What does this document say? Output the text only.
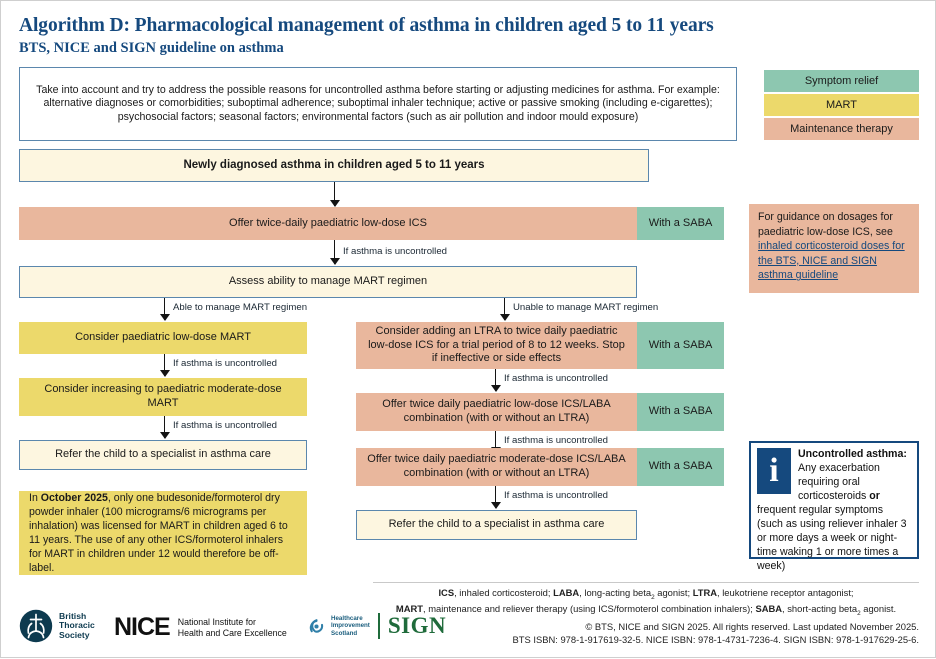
Algorithm D: Pharmacological management of asthma in children aged 5 to 11 years
BTS, NICE and SIGN guideline on asthma
Take into account and try to address the possible reasons for uncontrolled asthma before starting or adjusting medicines for asthma. For example: alternative diagnoses or comorbidities; suboptimal adherence; suboptimal inhaler technique; active or passive smoking (including e-cigarettes); psychosocial factors; seasonal factors; environmental factors (such as air pollution and indoor mould exposure)
Symptom relief
MART
Maintenance therapy
Newly diagnosed asthma in children aged 5 to 11 years
Offer twice-daily paediatric low-dose ICS	With a SABA
If asthma is uncontrolled
Assess ability to manage MART regimen
Able to manage MART regimen	Unable to manage MART regimen
Consider paediatric low-dose MART
If asthma is uncontrolled
Consider increasing to paediatric moderate-dose MART
If asthma is uncontrolled
Refer the child to a specialist in asthma care
In October 2025, only one budesonide/formoterol dry powder inhaler (100 micrograms/6 micrograms per inhalation) was licensed for MART in children aged 6 to 11 years. The use of any other ICS/formoterol inhalers for MART in children under 12 would therefore be off-label.
Consider adding an LTRA to twice daily paediatric low-dose ICS for a trial period of 8 to 12 weeks. Stop if ineffective or side effects
With a SABA
If asthma is uncontrolled
Offer twice daily paediatric low-dose ICS/LABA combination (with or without an LTRA)
With a SABA
If asthma is uncontrolled
Offer twice daily paediatric moderate-dose ICS/LABA combination (with or without an LTRA)
With a SABA
If asthma is uncontrolled
Refer the child to a specialist in asthma care
For guidance on dosages for paediatric low-dose ICS, see inhaled corticosteroid doses for the BTS, NICE and SIGN asthma guideline
i	Uncontrolled asthma: Any exacerbation requiring oral corticosteroids or frequent regular symptoms (such as using reliever inhaler 3 or more days a week or night-time waking 1 or more times a week)
ICS, inhaled corticosteroid; LABA, long-acting beta$_2$ agonist; LTRA, leukotriene receptor antagonist;
MART, maintenance and reliever therapy (using ICS/formoterol combination inhalers); SABA, short-acting beta$_2$ agonist.
© BTS, NICE and SIGN 2025. All rights reserved. Last updated November 2025.
BTS ISBN: 978-1-917619-32-5. NICE ISBN: 978-1-4731-7236-4. SIGN ISBN: 978-1-917629-25-6.
British
Thoracic
Society NICE National Institute for
Health and Care Excellence
Healthcare
Improvement
Scotland	SIGN
